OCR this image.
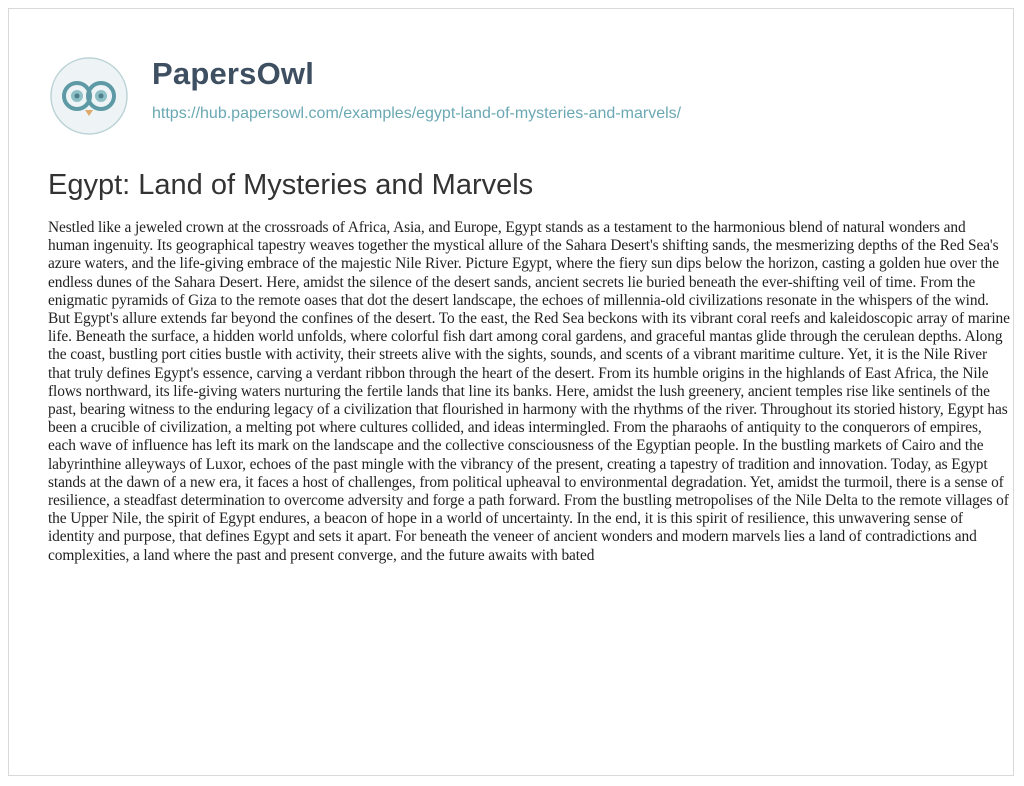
PapersOwl
https://hub.papersowl.com/examples/egypt-land-of-mysteries-and-marvels/
Egypt: Land of Mysteries and Marvels

Nestled like a jeweled crown at the crossroads of Africa, Asia, and Europe, Egypt stands as a testament to the harmonious blend of natural wonders and human ingenuity. Its geographical tapestry weaves together the mystical allure of the Sahara Desert's shifting sands, the mesmerizing depths of the Red Sea's azure waters, and the life-giving embrace of the majestic Nile River. Picture Egypt, where the fiery sun dips below the horizon, casting a golden hue over the endless dunes of the Sahara Desert. Here, amidst the silence of the desert sands, ancient secrets lie buried beneath the ever-shifting veil of time. From the enigmatic pyramids of Giza to the remote oases that dot the desert landscape, the echoes of millennia-old civilizations resonate in the whispers of the wind. But Egypt's allure extends far beyond the confines of the desert. To the east, the Red Sea beckons with its vibrant coral reefs and kaleidoscopic array of marine life. Beneath the surface, a hidden world unfolds, where colorful fish dart among coral gardens, and graceful mantas glide through the cerulean depths. Along the coast, bustling port cities bustle with activity, their streets alive with the sights, sounds, and scents of a vibrant maritime culture. Yet, it is the Nile River that truly defines Egypt's essence, carving a verdant ribbon through the heart of the desert. From its humble origins in the highlands of East Africa, the Nile flows northward, its life-giving waters nurturing the fertile lands that line its banks. Here, amidst the lush greenery, ancient temples rise like sentinels of the past, bearing witness to the enduring legacy of a civilization that flourished in harmony with the rhythms of the river. Throughout its storied history, Egypt has been a crucible of civilization, a melting pot where cultures collided, and ideas intermingled. From the pharaohs of antiquity to the conquerors of empires, each wave of influence has left its mark on the landscape and the collective consciousness of the Egyptian people. In the bustling markets of Cairo and the labyrinthine alleyways of Luxor, echoes of the past mingle with the vibrancy of the present, creating a tapestry of tradition and innovation. Today, as Egypt stands at the dawn of a new era, it faces a host of challenges, from political upheaval to environmental degradation. Yet, amidst the turmoil, there is a sense of resilience, a steadfast determination to overcome adversity and forge a path forward. From the bustling metropolises of the Nile Delta to the remote villages of the Upper Nile, the spirit of Egypt endures, a beacon of hope in a world of uncertainty. In the end, it is this spirit of resilience, this unwavering sense of identity and purpose, that defines Egypt and sets it apart. For beneath the veneer of ancient wonders and modern marvels lies a land of contradictions and complexities, a land where the past and present converge, and the future awaits with bated
